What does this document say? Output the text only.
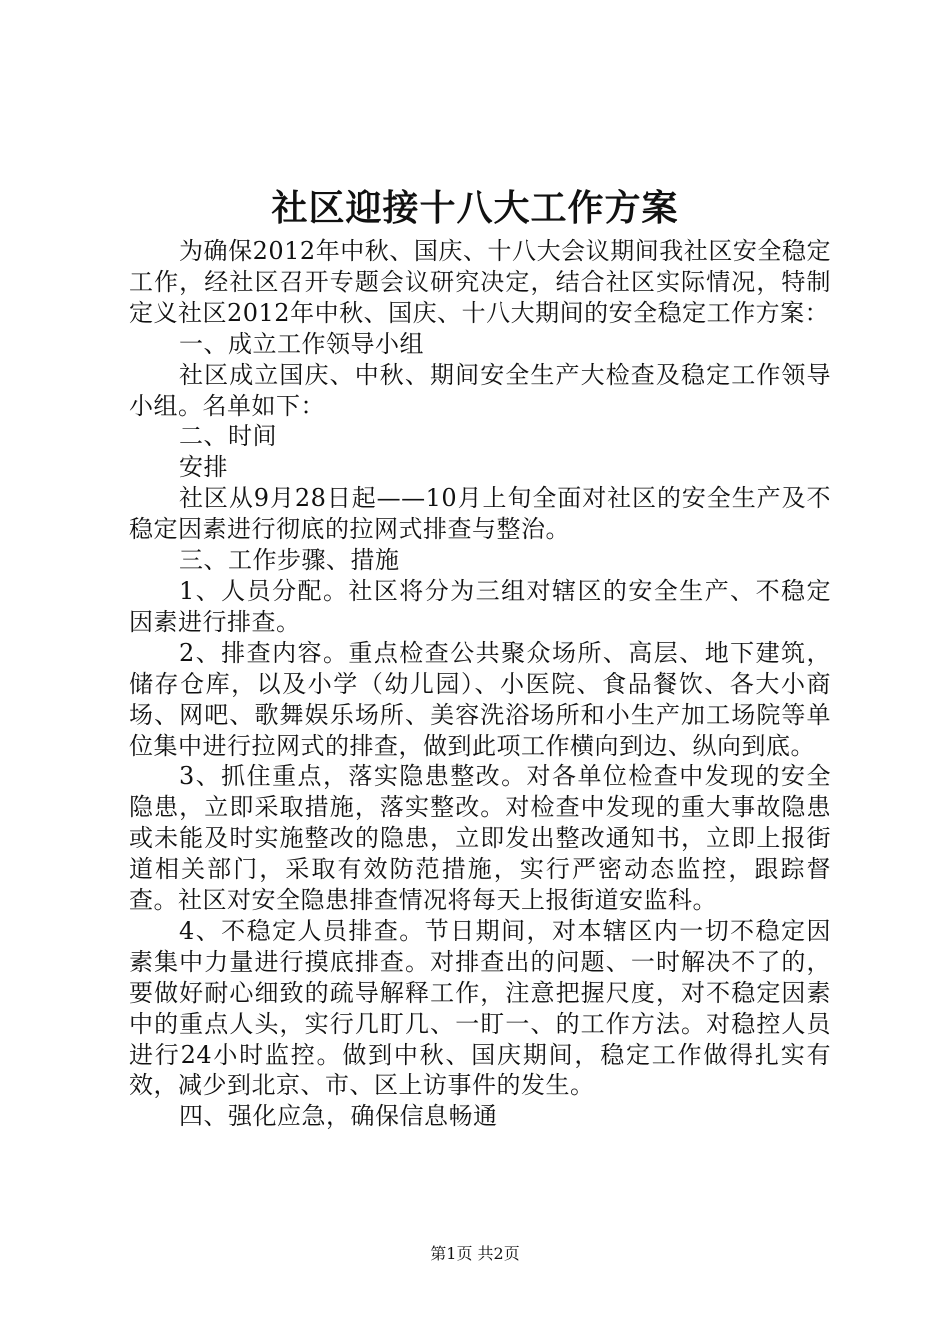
社区迎接十八大工作方案

为确保2012年中秋、国庆、十八大会议期间我社区安全稳定工作，经社区召开专题会议研究决定，结合社区实际情况，特制定义社区2012年中秋、国庆、十八大期间的安全稳定工作方案：

一、成立工作领导小组

社区成立国庆、中秋、期间安全生产大检查及稳定工作领导小组。名单如下：

二、时间

安排

社区从9月28日起——10月上旬全面对社区的安全生产及不稳定因素进行彻底的拉网式排查与整治。

三、工作步骤、措施

1、人员分配。社区将分为三组对辖区的安全生产、不稳定因素进行排查。

2、排查内容。重点检查公共聚众场所、高层、地下建筑，储存仓库，以及小学（幼儿园）、小医院、食品餐饮、各大小商场、网吧、歌舞娱乐场所、美容洗浴场所和小生产加工场院等单位集中进行拉网式的排查，做到此项工作横向到边、纵向到底。

3、抓住重点，落实隐患整改。对各单位检查中发现的安全隐患，立即采取措施，落实整改。对检查中发现的重大事故隐患或未能及时实施整改的隐患，立即发出整改通知书，立即上报街道相关部门，采取有效防范措施，实行严密动态监控，跟踪督查。社区对安全隐患排查情况将每天上报街道安监科。

4、不稳定人员排查。节日期间，对本辖区内一切不稳定因素集中力量进行摸底排查。对排查出的问题、一时解决不了的，要做好耐心细致的疏导解释工作，注意把握尺度，对不稳定因素中的重点人头，实行几盯几、一盯一、的工作方法。对稳控人员进行24小时监控。做到中秋、国庆期间，稳定工作做得扎实有效，减少到北京、市、区上访事件的发生。

四、强化应急，确保信息畅通

第1页 共2页
